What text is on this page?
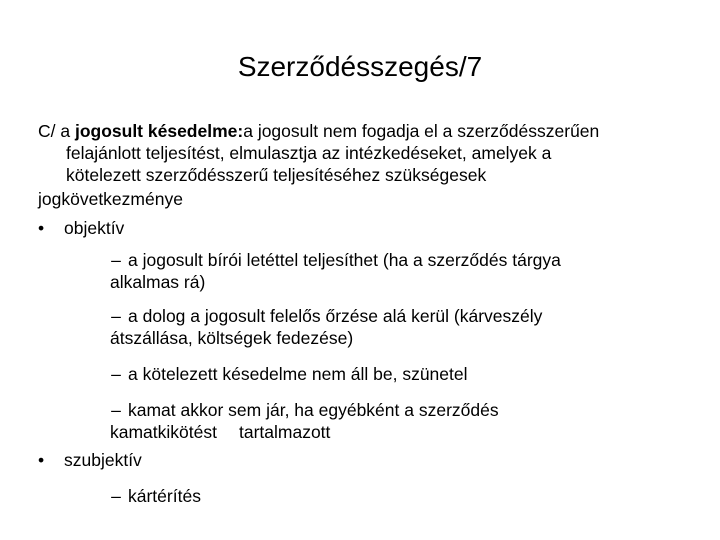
Szerződésszegés/7

C/ a jogosult késedelme:a jogosult nem fogadja el a szerződésszerűen
felajánlott teljesítést, elmulasztja az intézkedéseket, amelyek a
kötelezett szerződésszerű teljesítéséhez szükségesek

jogkövetkezménye

•	objektív
– a jogosult bírói letéttel teljesíthet (ha a szerződés tárgya
alkalmas rá)
– a dolog a jogosult felelős őrzése alá kerül (kárveszély
átszállása, költségek fedezése)
– a kötelezett késedelme nem áll be, szünetel
– kamat akkor sem jár, ha egyébként a szerződés
kamatkikötést tartalmazott
•	szubjektív
– kártérítés
